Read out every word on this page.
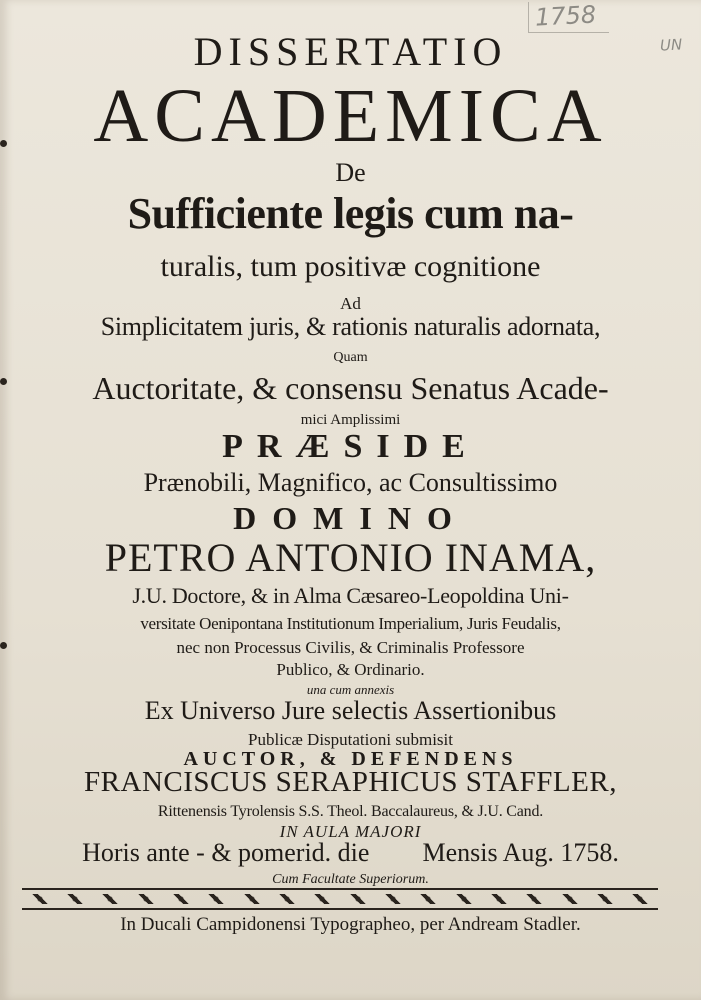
1758
UN
DISSERTATIO
ACADEMICA
De
Sufficiente legis cum na-
turalis, tum positivæ cognitione
Ad
Simplicitatem juris, & rationis naturalis adornata,
Quam
Auctoritate, & consensu Senatus Acade-
mici Amplissimi
PRÆSIDE
Prænobili, Magnifico, ac Consultissimo
DOMINO
PETRO ANTONIO INAMA,
J.U. Doctore, & in Alma Cæsareo-Leopoldina Uni-
versitate Oenipontana Institutionum Imperialium, Juris Feudalis,
nec non Processus Civilis, & Criminalis Professore
Publico, & Ordinario.
una cum annexis
Ex Universo Jure selectis Assertionibus
Publicæ Disputationi submisit
AUCTOR, & DEFENDENS
FRANCISCUS SERAPHICUS STAFFLER,
Rittenensis Tyrolensis S.S. Theol. Baccalaureus, & J.U. Cand.
IN AULA MAJORI
Horis ante - & pomerid. die Mensis Aug. 1758.
Cum Facultate Superiorum.
In Ducali Campidonensi Typographeo, per Andream Stadler.
